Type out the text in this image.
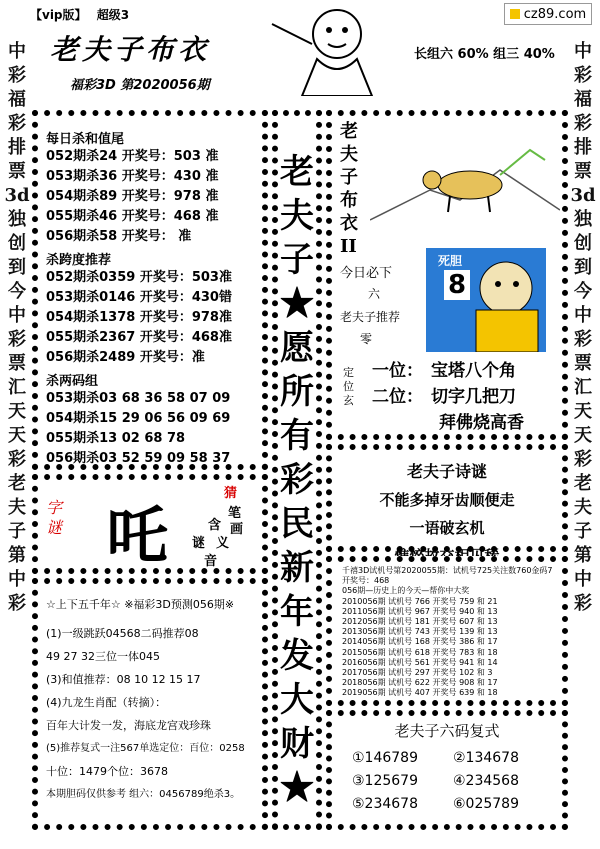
cz89.com
中彩福彩排票3d独创到今中彩票汇天天彩老夫子第中彩
中彩福彩排票3d独创到今中彩票汇天天彩老夫子第中彩
【vip版】 超级3
老夫子布衣
福彩3D 第2020056期
长组六 60% 组三 40%
每日杀和值尾
052期杀24 开奖号：503 准
053期杀36 开奖号：430 准
054期杀89 开奖号：978 准
055期杀46 开奖号：468 准
056期杀58 开奖号： 准
杀跨度推荐
052期杀0359 开奖号：503准
053期杀0146 开奖号：430错
054期杀1378 开奖号：978准
055期杀2367 开奖号：468准
056期杀2489 开奖号：准
杀两码组
053期杀03 68 36 58 07 09
054期杀15 29 06 56 09 69
055期杀13 02 68 78
056期杀03 52 59 09 58 37
老夫子★愿所有彩民新年发大财★
老夫子布衣II
今日必下
六
老夫子推荐
零
死胆
8
定位玄
一位： 宝塔八个角
二位： 切字几把刀
拜佛烧高香
字谜 吒
猜
笔
画
含
谜 义
音
老夫子诗谜
不能多掉牙齿顺便走
一语破玄机
☆上下五千年☆ ※福彩3D预测056期※
(1)一级跳跃04568二码推荐08
49 27 32三位一体045
(3)和值推荐：08 10 12 15 17
(4)九龙生肖配（转摘）：
百年大计发一发，海底龙宫戏珍珠
(5)推荐复式一注567单选定位：百位：0258
十位：1479个位：3678
本期胆码仅供参考 组六：0456789绝杀3。
千禧3D试机号第2020055期：试机号725关注数760金码7
开奖号：468
056期—历史上的今天—帮你中大奖
2010056期 试机号 766 开奖号 759 和 21
2011056期 试机号 967 开奖号 940 和 13
2012056期 试机号 181 开奖号 607 和 13
2013056期 试机号 743 开奖号 139 和 13
2014056期 试机号 168 开奖号 386 和 17
2015056期 试机号 618 开奖号 783 和 18
2016056期 试机号 561 开奖号 941 和 14
2017056期 试机号 297 开奖号 102 和 3
2018056期 试机号 622 开奖号 908 和 17
2019056期 试机号 407 开奖号 639 和 18
老夫子六码复式
①146789	②134678
③125679	④234568
⑤234678	⑥025789
